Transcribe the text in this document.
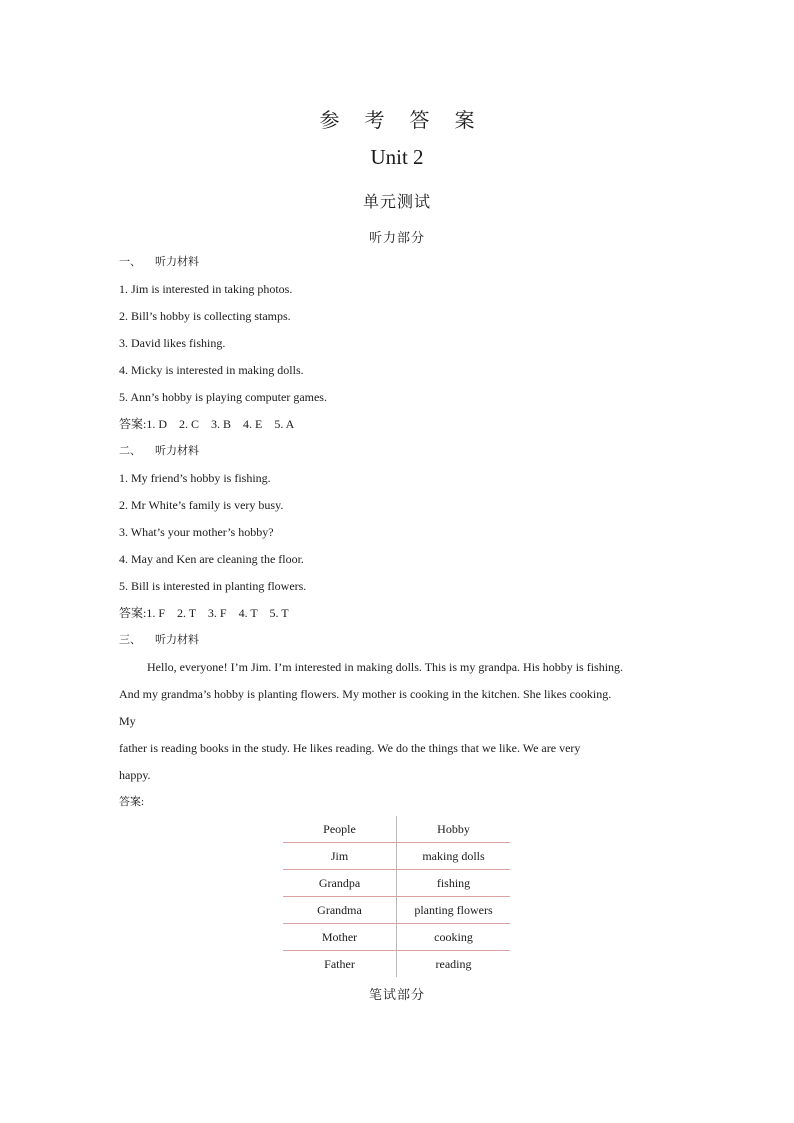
参 考 答 案
Unit 2
单元测试
听力部分
一、 听力材料
1. Jim is interested in taking photos.
2. Bill’s hobby is collecting stamps.
3. David likes fishing.
4. Micky is interested in making dolls.
5. Ann’s hobby is playing computer games.
答案:1. D    2. C    3. B    4. E    5. A
二、 听力材料
1. My friend’s hobby is fishing.
2. Mr White’s family is very busy.
3. What’s your mother’s hobby?
4. May and Ken are cleaning the floor.
5. Bill is interested in planting flowers.
答案:1. F    2. T    3. F    4. T    5. T
三、 听力材料
Hello, everyone! I’m Jim. I’m interested in making dolls. This is my grandpa. His hobby is fishing.
And my grandma’s hobby is planting flowers. My mother is cooking in the kitchen. She likes cooking.
My
father is reading books in the study. He likes reading. We do the things that we like. We are very
happy.
答案:
People	Hobby
Jim	making dolls
Grandpa	fishing
Grandma	planting flowers
Mother	cooking
Father	reading
笔试部分
